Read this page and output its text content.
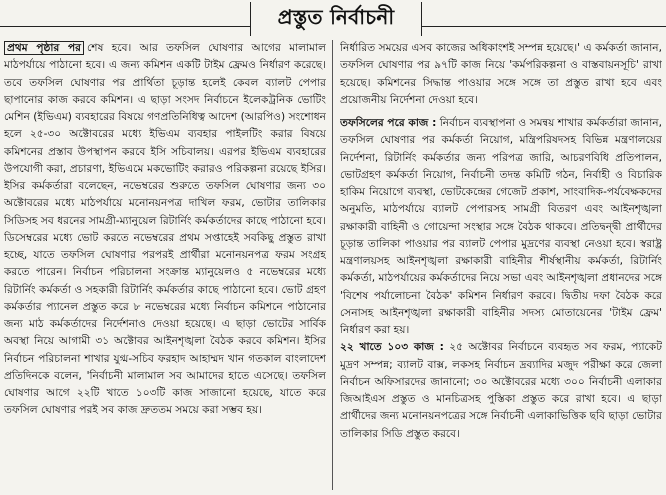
প্রস্তুত নির্বাচনী

প্রথম পৃষ্ঠার পর শেষ হবে। আর তফসিল ঘোষণার আগের মালামাল মাঠপর্যায়ে পাঠানো হবে। এ জন্য কমিশন একটি টাইম ফ্রেমও নির্ধারণ করেছে। তবে তফসিল ঘোষণার পর প্রার্থিতা চূড়ান্ত হলেই কেবল ব্যালট পেপার ছাপানোর কাজ করবে কমিশন। এ ছাড়া সংসদ নির্বাচনে ইলেকট্রনিক ভোটিং মেশিন (ইভিএম) ব্যবহারের বিষয়ে গণপ্রতিনিধিত্ব আদেশ (আরপিও) সংশোধন হলে ২৫-৩০ অক্টোবরের মধ্যে ইভিএম ব্যবহার পাইলটিং করার বিষয়ে কমিশনের প্রস্তাব উপস্থাপন করবে ইসি সচিবালয়। এরপর ইভিএম ব্যবহারের উপযোগী করা, প্রচারণা, ইভিএমে মকভোটিং করারও পরিকল্পনা রয়েছে ইসির। ইসির কর্মকর্তারা বলেছেন, নভেম্বরের শুরুতে তফসিল ঘোষণার জন্য ৩০ অক্টোবরের মধ্যে মাঠপর্যায়ে মনোনয়নপত্র দাখিল ফরম, ভোটার তালিকার সিডিসহ সব ধরনের সামগ্রী-ম্যানুয়েল রিটার্নিং কর্মকর্তাদের কাছে পাঠানো হবে। ডিসেম্বরের মধ্যে ভোট করতে নভেম্বরের প্রথম সপ্তাহেই সবকিছু প্রস্তুত রাখা হচ্ছে, যাতে তফসিল ঘোষণার পরপরই প্রার্থীরা মনোনয়নপত্র ফরম সংগ্রহ করতে পারেন। নির্বাচন পরিচালনা সংক্রান্ত ম্যানুয়েলও ৫ নভেম্বরের মধ্যে রিটার্নিং কর্মকর্তা ও সহকারী রিটার্নিং কর্মকর্তার কাছে পাঠানো হবে। ভোট গ্রহণ কর্মকর্তার প্যানেল প্রস্তুত করে ৮ নভেম্বরের মধ্যে নির্বাচন কমিশনে পাঠানোর জন্য মাঠ কর্মকর্তাদের নির্দেশনাও দেওয়া হয়েছে। এ ছাড়া ভোটের সার্বিক অবস্থা নিয়ে আগামী ৩১ অক্টোবর আইনশৃঙ্খলা বৈঠক করবে কমিশন। ইসির নির্বাচন পরিচালনা শাখার যুগ্ম-সচিব ফরহাদ আহাম্মদ খান গতকাল বাংলাদেশ প্রতিদিনকে বলেন, 'নির্বাচনী মালামাল সব আমাদের হাতে এসেছে। তফসিল ঘোষণার আগে ২২টি খাতে ১০৩টি কাজ সাজানো হয়েছে, যাতে করে তফসিল ঘোষণার পরই সব কাজ দ্রুততম সময়ে করা সম্ভব হয়।

নির্ধারিত সময়ের এসব কাজের অধিকাংশই সম্পন্ন হয়েছে।' এ কর্মকর্তা জানান, তফসিল ঘোষণার পর ৯৭টি কাজ নিয়ে 'কর্মপরিকল্পনা ও বাস্তবায়নসূচি' রাখা হয়েছে। কমিশনের সিদ্ধান্ত পাওয়ার সঙ্গে সঙ্গে তা প্রস্তুত রাখা হবে এবং প্রয়োজনীয় নির্দেশনা দেওয়া হবে।

তফসিলের পরে কাজ : নির্বাচন ব্যবস্থাপনা ও সমন্বয় শাখার কর্মকর্তারা জানান, তফসিল ঘোষণার পর কর্মকর্তা নিয়োগ, মন্ত্রিপরিষদসহ বিভিন্ন মন্ত্রণালয়ের নির্দেশনা, রিটার্নিং কর্মকর্তার জন্য পরিপত্র জারি, আচরণবিধি প্রতিপালন, ভোটগ্রহণ কর্মকর্তা নিয়োগ, নির্বাচনী তদন্ত কমিটি গঠন, নির্বাহী ও বিচারিক হাকিম নিয়োগে ব্যবস্থা, ভোটকেন্দ্রের গেজেট প্রকাশ, সাংবাদিক-পর্যবেক্ষকদের অনুমতি, মাঠপর্যায়ে ব্যালট পেপারসহ সামগ্রী বিতরণ এবং আইনশৃঙ্খলা রক্ষাকারী বাহিনী ও গোয়েন্দা সংস্থার সঙ্গে বৈঠক থাকবে। প্রতিদ্বন্দ্বী প্রার্থীদের চূড়ান্ত তালিকা পাওয়ার পর ব্যালট পেপার মুদ্রণের ব্যবস্থা নেওয়া হবে। স্বরাষ্ট্র মন্ত্রণালয়সহ আইনশৃঙ্খলা রক্ষাকারী বাহিনীর শীর্ষস্থানীয় কর্মকর্তা, রিটার্নিং কর্মকর্তা, মাঠপর্যায়ের কর্মকর্তাদের নিয়ে সভা এবং আইনশৃঙ্খলা প্রধানদের সঙ্গে 'বিশেষ পর্যালোচনা বৈঠক' কমিশন নির্ধারণ করবে। দ্বিতীয় দফা বৈঠক করে সেনাসহ আইনশৃঙ্খলা রক্ষাকারী বাহিনীর সদস্য মোতায়েনের 'টাইম ফ্রেম' নির্ধারণ করা হয়।

২২ খাতে ১০৩ কাজ : ২৫ অক্টোবর নির্বাচনে ব্যবহৃত সব ফরম, প্যাকেট মুদ্রণ সম্পন্ন; ব্যালট বাক্স, লকসহ নির্বাচন দ্রব্যাদির মজুদ পরীক্ষা করে জেলা নির্বাচন অফিসারদের জানানো; ৩০ অক্টোবরের মধ্যে ৩০০ নির্বাচনী এলাকার জিআইএস প্রস্তুত ও মানচিত্রসহ পুস্তিকা প্রস্তুত করে রাখা হবে। এ ছাড়া প্রার্থীদের জন্য মনোনয়নপত্রের সঙ্গে নির্বাচনী এলাকাভিত্তিক ছবি ছাড়া ভোটার তালিকার সিডি প্রস্তুত করবে।
